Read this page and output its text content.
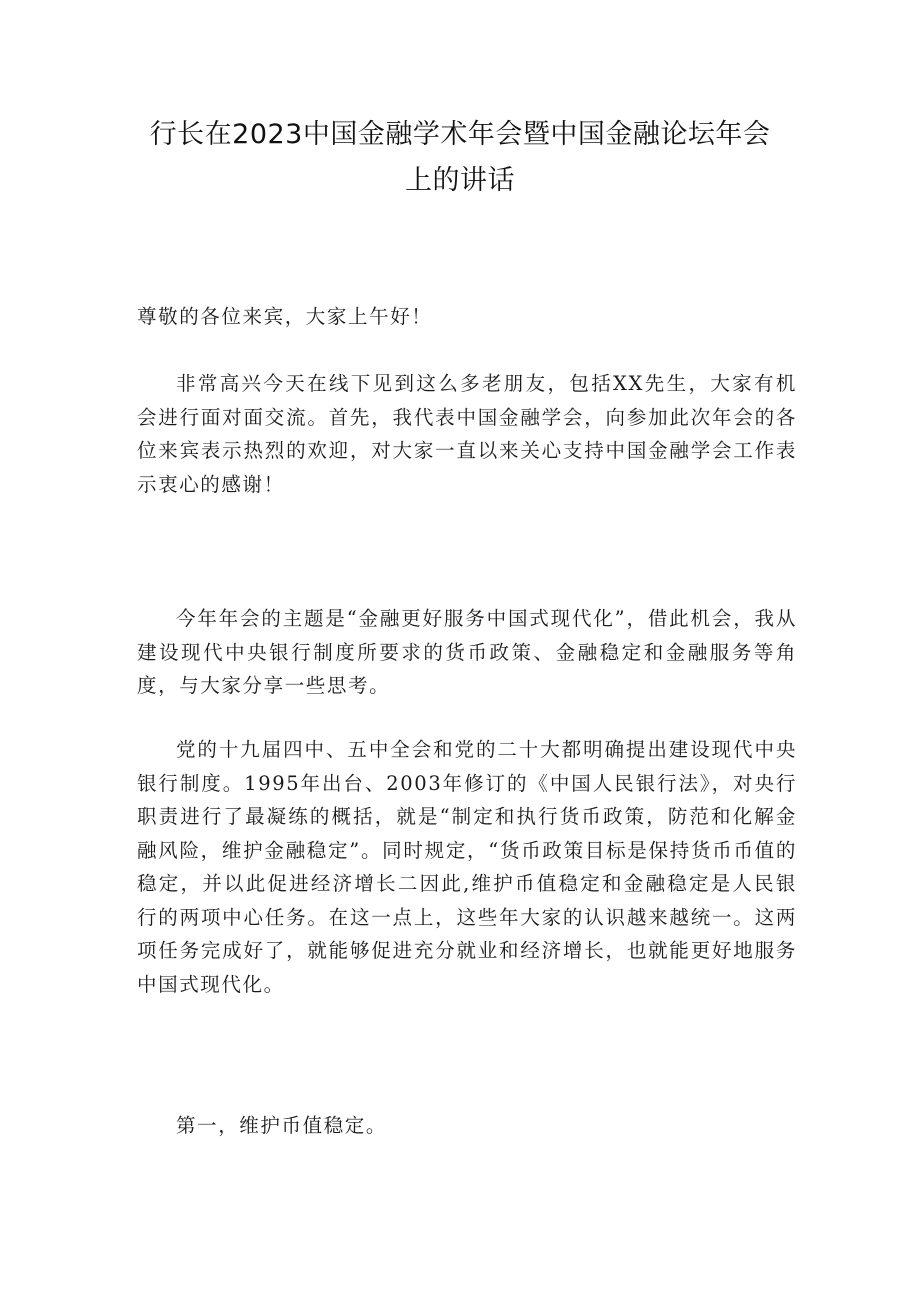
行长在2023中国金融学术年会暨中国金融论坛年会
上的讲话

尊敬的各位来宾，大家上午好！

非常高兴今天在线下见到这么多老朋友，包括XX先生，大家有机会进行面对面交流。首先，我代表中国金融学会，向参加此次年会的各位来宾表示热烈的欢迎，对大家一直以来关心支持中国金融学会工作表示衷心的感谢！

今年年会的主题是“金融更好服务中国式现代化”，借此机会，我从建设现代中央银行制度所要求的货币政策、金融稳定和金融服务等角度，与大家分享一些思考。

党的十九届四中、五中全会和党的二十大都明确提出建设现代中央银行制度。1995年出台、2003年修订的《中国人民银行法》，对央行职责进行了最凝练的概括，就是“制定和执行货币政策，防范和化解金融风险，维护金融稳定”。同时规定，“货币政策目标是保持货币币值的稳定，并以此促进经济增长二因此,维护币值稳定和金融稳定是人民银行的两项中心任务。在这一点上，这些年大家的认识越来越统一。这两项任务完成好了，就能够促进充分就业和经济增长，也就能更好地服务中国式现代化。

第一，维护币值稳定。
